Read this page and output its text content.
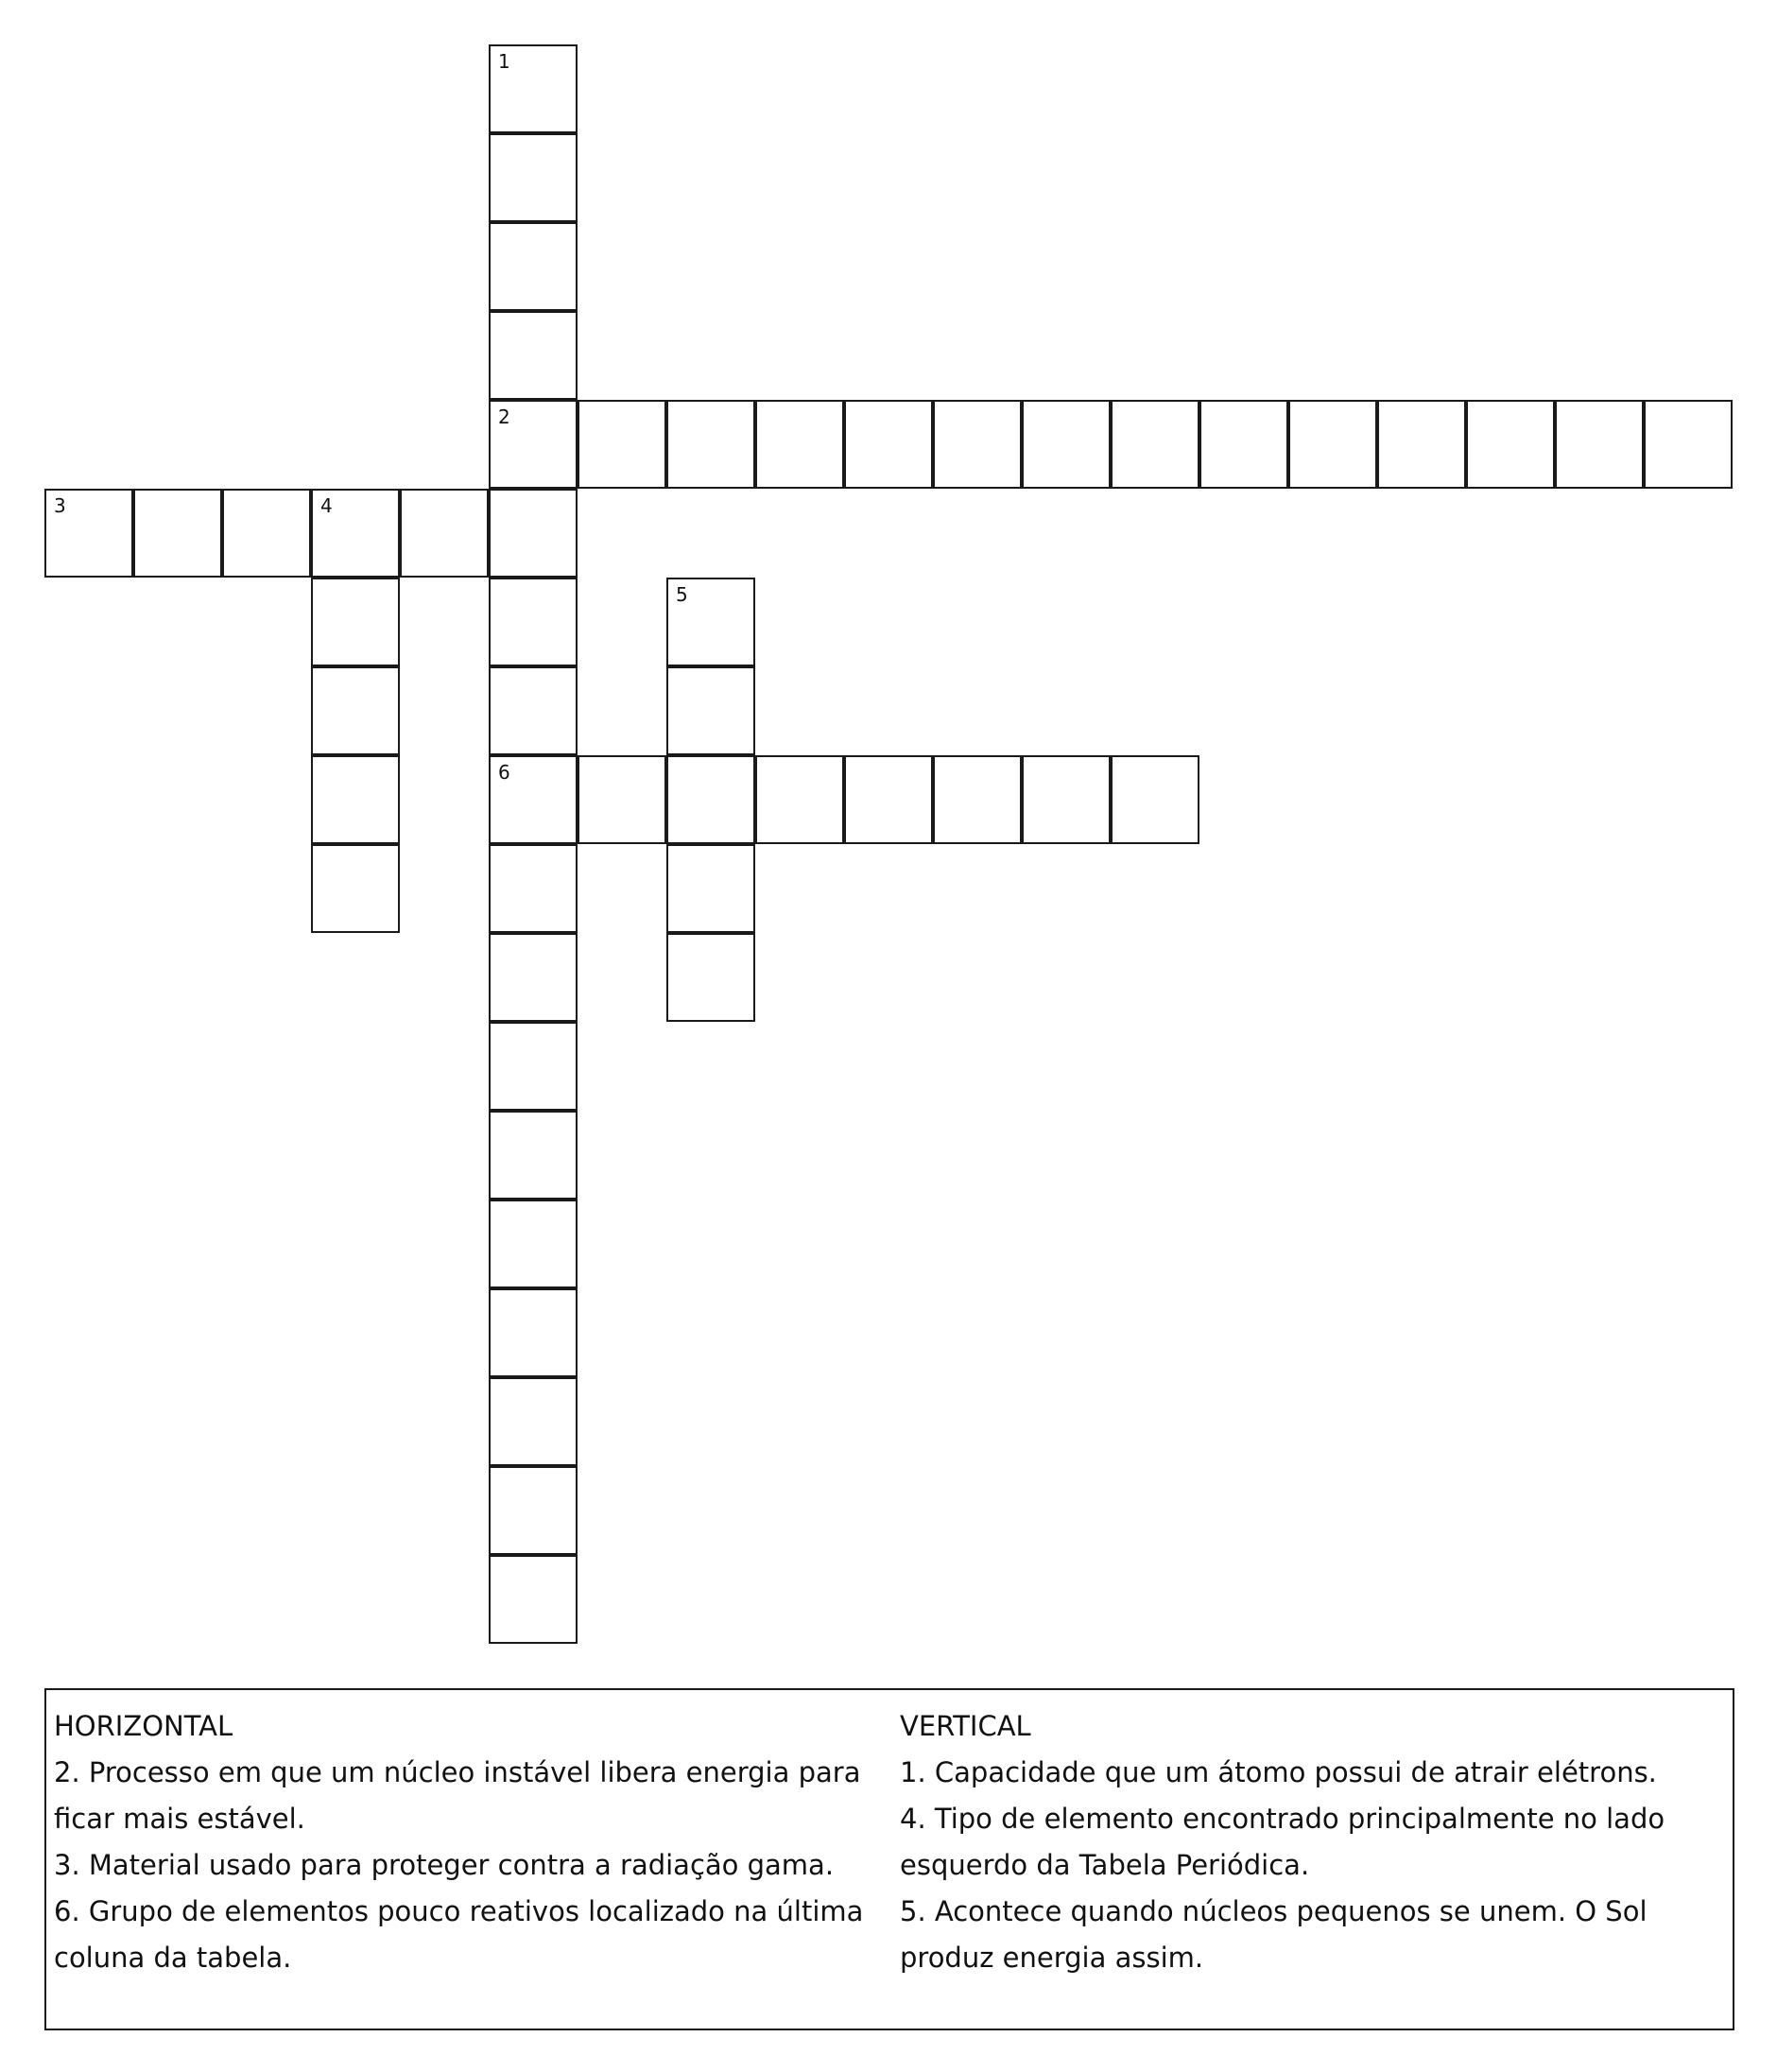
1
2
6
3	4
5
HORIZONTAL
2. Processo em que um núcleo instável libera energia para ficar mais estável.
3. Material usado para proteger contra a radiação gama.
6. Grupo de elementos pouco reativos localizado na última coluna da tabela.
VERTICAL
1. Capacidade que um átomo possui de atrair elétrons.
4. Tipo de elemento encontrado principalmente no lado esquerdo da Tabela Periódica.
5. Acontece quando núcleos pequenos se unem. O Sol produz energia assim.
